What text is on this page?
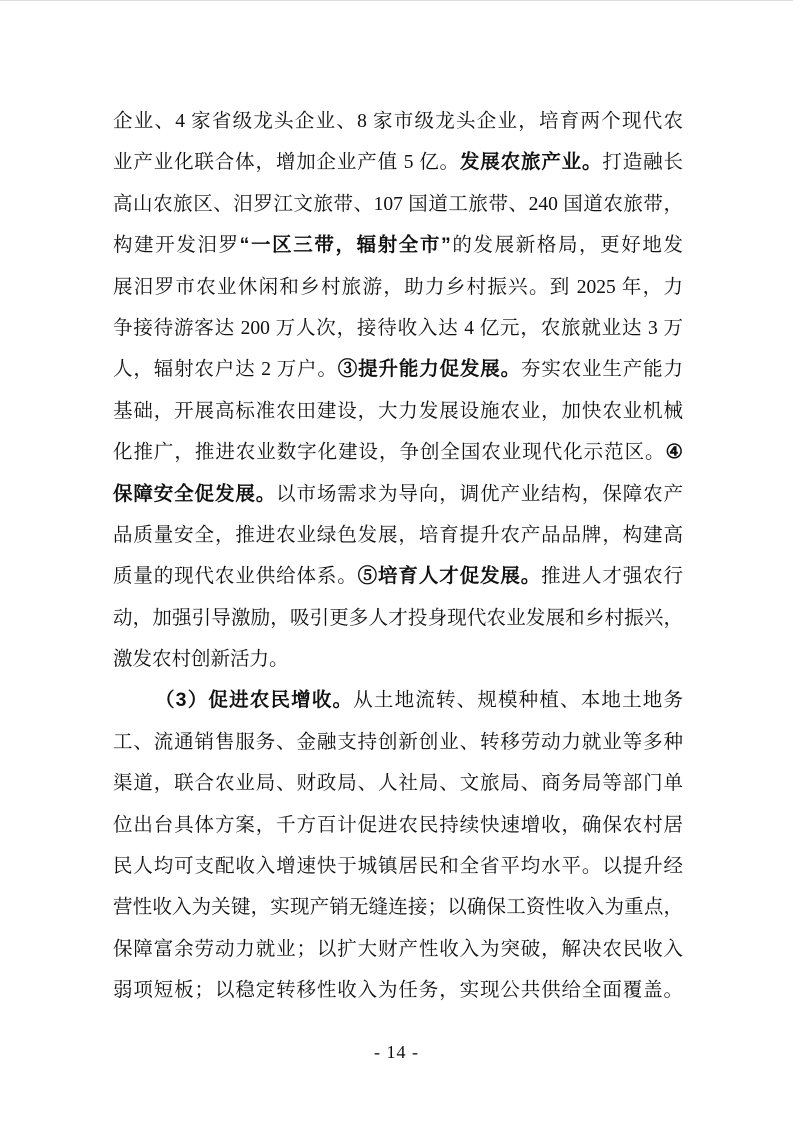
企业、4 家省级龙头企业、8 家市级龙头企业，培育两个现代农
业产业化联合体，增加企业产值 5 亿。发展农旅产业。打造融长
高山农旅区、汨罗江文旅带、107 国道工旅带、240 国道农旅带，
构建开发汨罗“一区三带，辐射全市”的发展新格局，更好地发
展汨罗市农业休闲和乡村旅游，助力乡村振兴。到 2025 年，力
争接待游客达 200 万人次，接待收入达 4 亿元，农旅就业达 3 万
人，辐射农户达 2 万户。③提升能力促发展。夯实农业生产能力
基础，开展高标准农田建设，大力发展设施农业，加快农业机械
化推广，推进农业数字化建设，争创全国农业现代化示范区。④
保障安全促发展。以市场需求为导向，调优产业结构，保障农产
品质量安全，推进农业绿色发展，培育提升农产品品牌，构建高
质量的现代农业供给体系。⑤培育人才促发展。推进人才强农行
动，加强引导激励，吸引更多人才投身现代农业发展和乡村振兴，
激发农村创新活力。
（3）促进农民增收。从土地流转、规模种植、本地土地务
工、流通销售服务、金融支持创新创业、转移劳动力就业等多种
渠道，联合农业局、财政局、人社局、文旅局、商务局等部门单
位出台具体方案，千方百计促进农民持续快速增收，确保农村居
民人均可支配收入增速快于城镇居民和全省平均水平。以提升经
营性收入为关键，实现产销无缝连接；以确保工资性收入为重点，
保障富余劳动力就业；以扩大财产性收入为突破，解决农民收入
弱项短板；以稳定转移性收入为任务，实现公共供给全面覆盖。
- 14 -
